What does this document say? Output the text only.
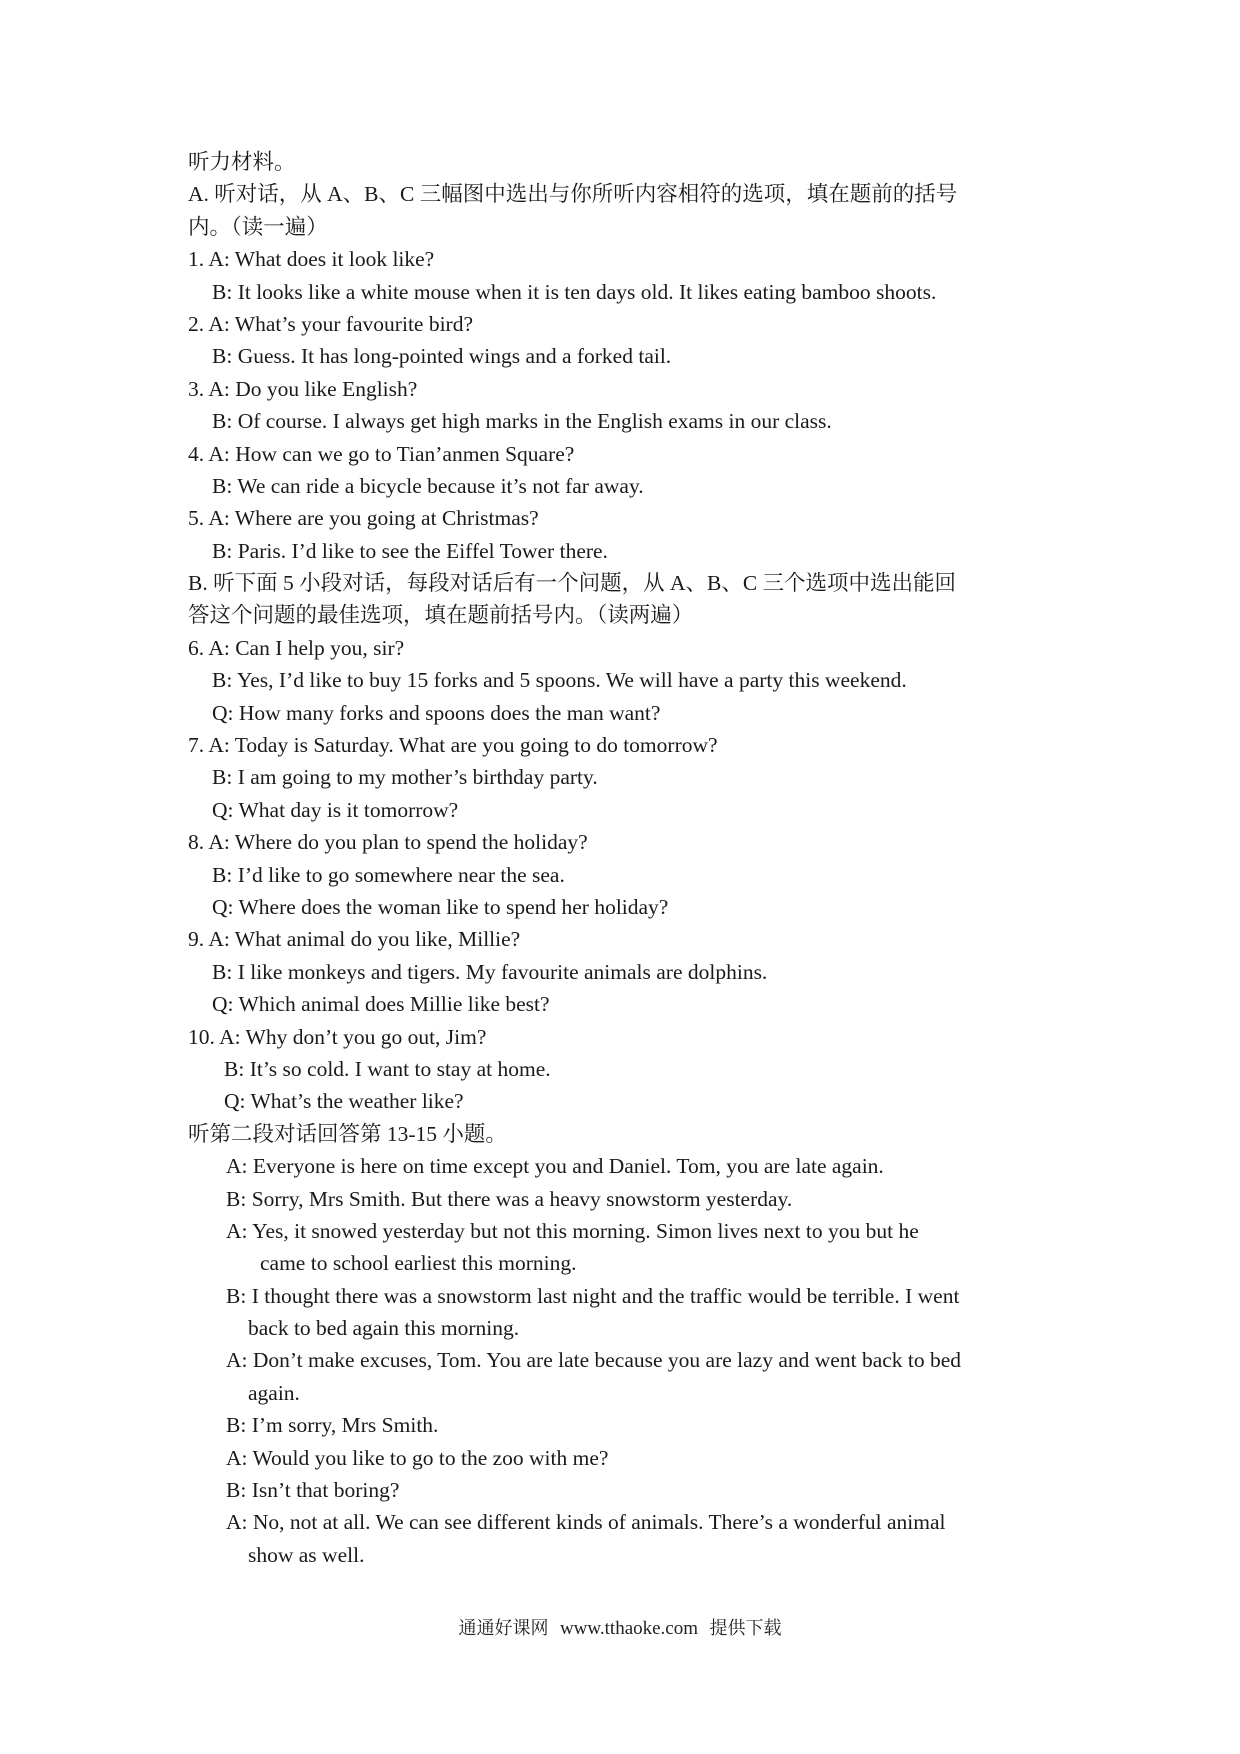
听力材料。
A. 听对话，从 A、B、C 三幅图中选出与你所听内容相符的选项，填在题前的括号
内。（读一遍）
1. A: What does it look like?
B: It looks like a white mouse when it is ten days old. It likes eating bamboo shoots.
2. A: What’s your favourite bird?
B: Guess. It has long-pointed wings and a forked tail.
3. A: Do you like English?
B: Of course. I always get high marks in the English exams in our class.
4. A: How can we go to Tian’anmen Square?
B: We can ride a bicycle because it’s not far away.
5. A: Where are you going at Christmas?
B: Paris. I’d like to see the Eiffel Tower there.
B. 听下面 5 小段对话，每段对话后有一个问题，从 A、B、C 三个选项中选出能回
答这个问题的最佳选项，填在题前括号内。（读两遍）
6. A: Can I help you, sir?
B: Yes, I’d like to buy 15 forks and 5 spoons. We will have a party this weekend.
Q: How many forks and spoons does the man want?
7. A: Today is Saturday. What are you going to do tomorrow?
B: I am going to my mother’s birthday party.
Q: What day is it tomorrow?
8. A: Where do you plan to spend the holiday?
B: I’d like to go somewhere near the sea.
Q: Where does the woman like to spend her holiday?
9. A: What animal do you like, Millie?
B: I like monkeys and tigers. My favourite animals are dolphins.
Q: Which animal does Millie like best?
10. A: Why don’t you go out, Jim?
B: It’s so cold. I want to stay at home.
Q: What’s the weather like?
听第二段对话回答第 13-15 小题。
A: Everyone is here on time except you and Daniel. Tom, you are late again.
B: Sorry, Mrs Smith. But there was a heavy snowstorm yesterday.
A: Yes, it snowed yesterday but not this morning. Simon lives next to you but he
came to school earliest this morning.
B: I thought there was a snowstorm last night and the traffic would be terrible. I went
back to bed again this morning.
A: Don’t make excuses, Tom. You are late because you are lazy and went back to bed
again.
B: I’m sorry, Mrs Smith.
A: Would you like to go to the zoo with me?
B: Isn’t that boring?
A: No, not at all. We can see different kinds of animals. There’s a wonderful animal
show as well.
通通好课网 www.tthaoke.com 提供下载
